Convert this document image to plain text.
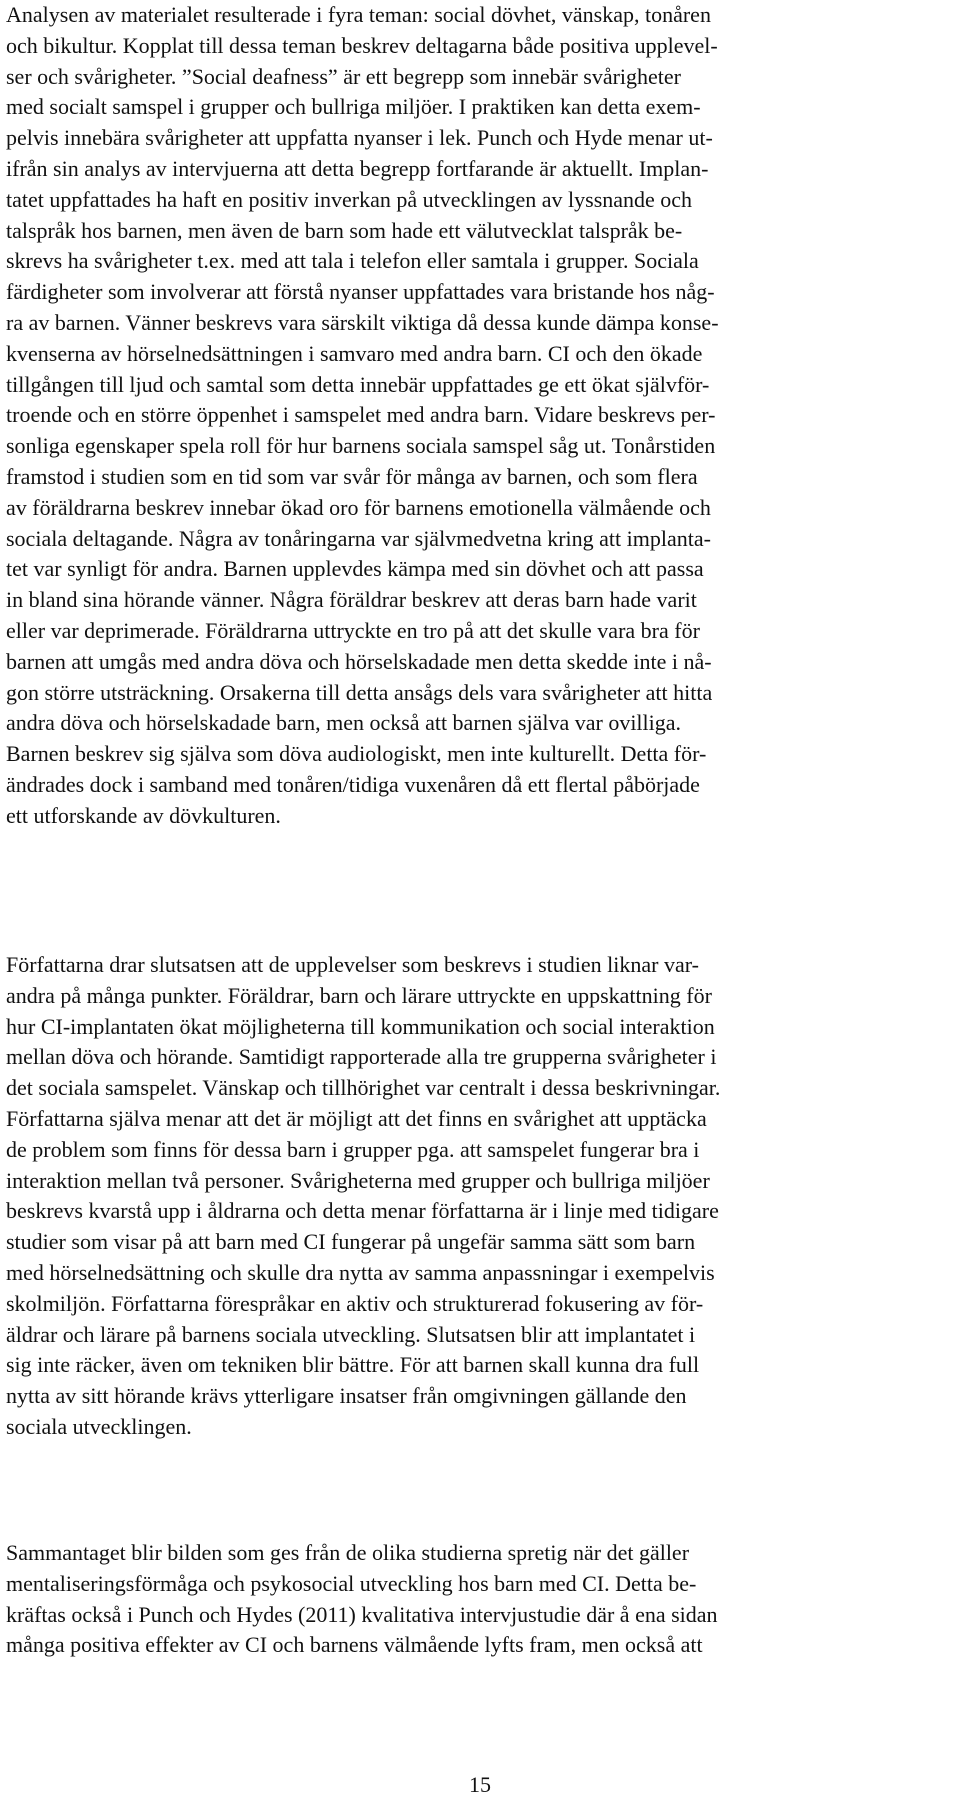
Analysen av materialet resulterade i fyra teman: social dövhet, vänskap, tonåren
och bikultur. Kopplat till dessa teman beskrev deltagarna både positiva upplevel-
ser och svårigheter. ”Social deafness” är ett begrepp som innebär svårigheter
med socialt samspel i grupper och bullriga miljöer. I praktiken kan detta exem-
pelvis innebära svårigheter att uppfatta nyanser i lek. Punch och Hyde menar ut-
ifrån sin analys av intervjuerna att detta begrepp fortfarande är aktuellt. Implan-
tatet uppfattades ha haft en positiv inverkan på utvecklingen av lyssnande och
talspråk hos barnen, men även de barn som hade ett välutvecklat talspråk be-
skrevs ha svårigheter t.ex. med att tala i telefon eller samtala i grupper. Sociala
färdigheter som involverar att förstå nyanser uppfattades vara bristande hos någ-
ra av barnen. Vänner beskrevs vara särskilt viktiga då dessa kunde dämpa konse-
kvenserna av hörselnedsättningen i samvaro med andra barn. CI och den ökade
tillgången till ljud och samtal som detta innebär uppfattades ge ett ökat självför-
troende och en större öppenhet i samspelet med andra barn. Vidare beskrevs per-
sonliga egenskaper spela roll för hur barnens sociala samspel såg ut. Tonårstiden
framstod i studien som en tid som var svår för många av barnen, och som flera
av föräldrarna beskrev innebar ökad oro för barnens emotionella välmående och
sociala deltagande. Några av tonåringarna var självmedvetna kring att implanta-
tet var synligt för andra. Barnen upplevdes kämpa med sin dövhet och att passa
in bland sina hörande vänner. Några föräldrar beskrev att deras barn hade varit
eller var deprimerade. Föräldrarna uttryckte en tro på att det skulle vara bra för
barnen att umgås med andra döva och hörselskadade men detta skedde inte i nå-
gon större utsträckning. Orsakerna till detta ansågs dels vara svårigheter att hitta
andra döva och hörselskadade barn, men också att barnen själva var ovilliga.
Barnen beskrev sig själva som döva audiologiskt, men inte kulturellt. Detta för-
ändrades dock i samband med tonåren/tidiga vuxenåren då ett flertal påbörjade
ett utforskande av dövkulturen.
Författarna drar slutsatsen att de upplevelser som beskrevs i studien liknar var-
andra på många punkter. Föräldrar, barn och lärare uttryckte en uppskattning för
hur CI-implantaten ökat möjligheterna till kommunikation och social interaktion
mellan döva och hörande. Samtidigt rapporterade alla tre grupperna svårigheter i
det sociala samspelet. Vänskap och tillhörighet var centralt i dessa beskrivningar.
Författarna själva menar att det är möjligt att det finns en svårighet att upptäcka
de problem som finns för dessa barn i grupper pga. att samspelet fungerar bra i
interaktion mellan två personer. Svårigheterna med grupper och bullriga miljöer
beskrevs kvarstå upp i åldrarna och detta menar författarna är i linje med tidigare
studier som visar på att barn med CI fungerar på ungefär samma sätt som barn
med hörselnedsättning och skulle dra nytta av samma anpassningar i exempelvis
skolmiljön. Författarna förespråkar en aktiv och strukturerad fokusering av för-
äldrar och lärare på barnens sociala utveckling. Slutsatsen blir att implantatet i
sig inte räcker, även om tekniken blir bättre. För att barnen skall kunna dra full
nytta av sitt hörande krävs ytterligare insatser från omgivningen gällande den
sociala utvecklingen.
Sammantaget blir bilden som ges från de olika studierna spretig när det gäller
mentaliseringsförmåga och psykosocial utveckling hos barn med CI. Detta be-
kräftas också i Punch och Hydes (2011) kvalitativa intervjustudie där å ena sidan
många positiva effekter av CI och barnens välmående lyfts fram, men också att
15
